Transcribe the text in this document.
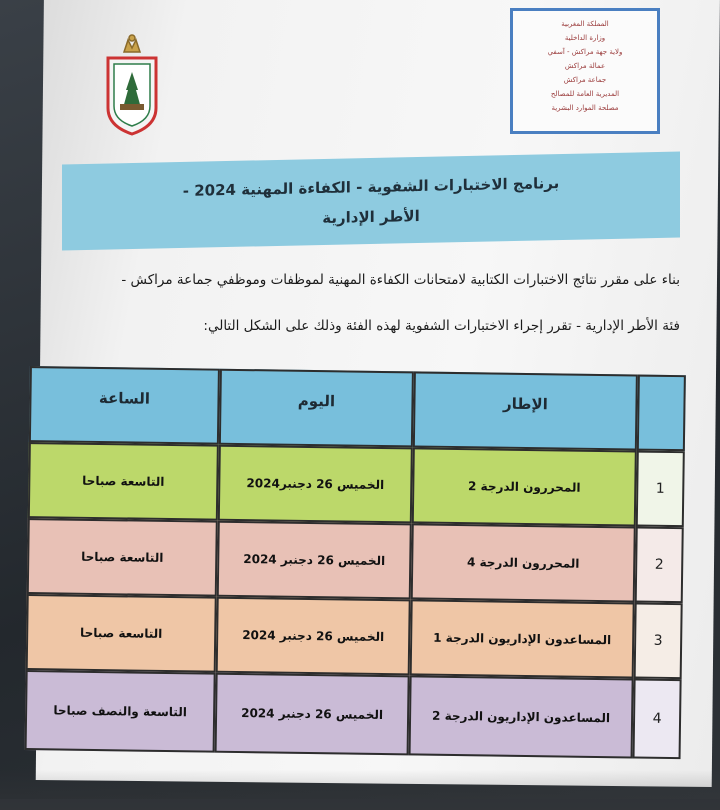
المملكة المغربية
وزارة الداخلية
ولاية جهة مراكش - آسفي
عمالة مراكش
جماعة مراكش
المديرية العامة للمصالح
مصلحة الموارد البشرية
برنامج الاختبارات الشفوية - الكفاءة المهنية 2024 -
الأطر الإدارية
بناء على مقرر نتائج الاختبارات الكتابية لامتحانات الكفاءة المهنية لموظفات وموظفي جماعة مراكش -
فئة الأطر الإدارية - تقرر إجراء الاختبارات الشفوية لهذه الفئة وذلك على الشكل التالي:
الإطار
اليوم
الساعة
1
المحررون الدرجة 2
الخميس 26 دجنبر2024
التاسعة صباحا
2
المحررون الدرجة 4
الخميس 26 دجنبر 2024
التاسعة صباحا
3
المساعدون الإداريون الدرجة 1
الخميس 26 دجنبر 2024
التاسعة صباحا
4
المساعدون الإداريون الدرجة 2
الخميس 26 دجنبر 2024
التاسعة والنصف صباحا
